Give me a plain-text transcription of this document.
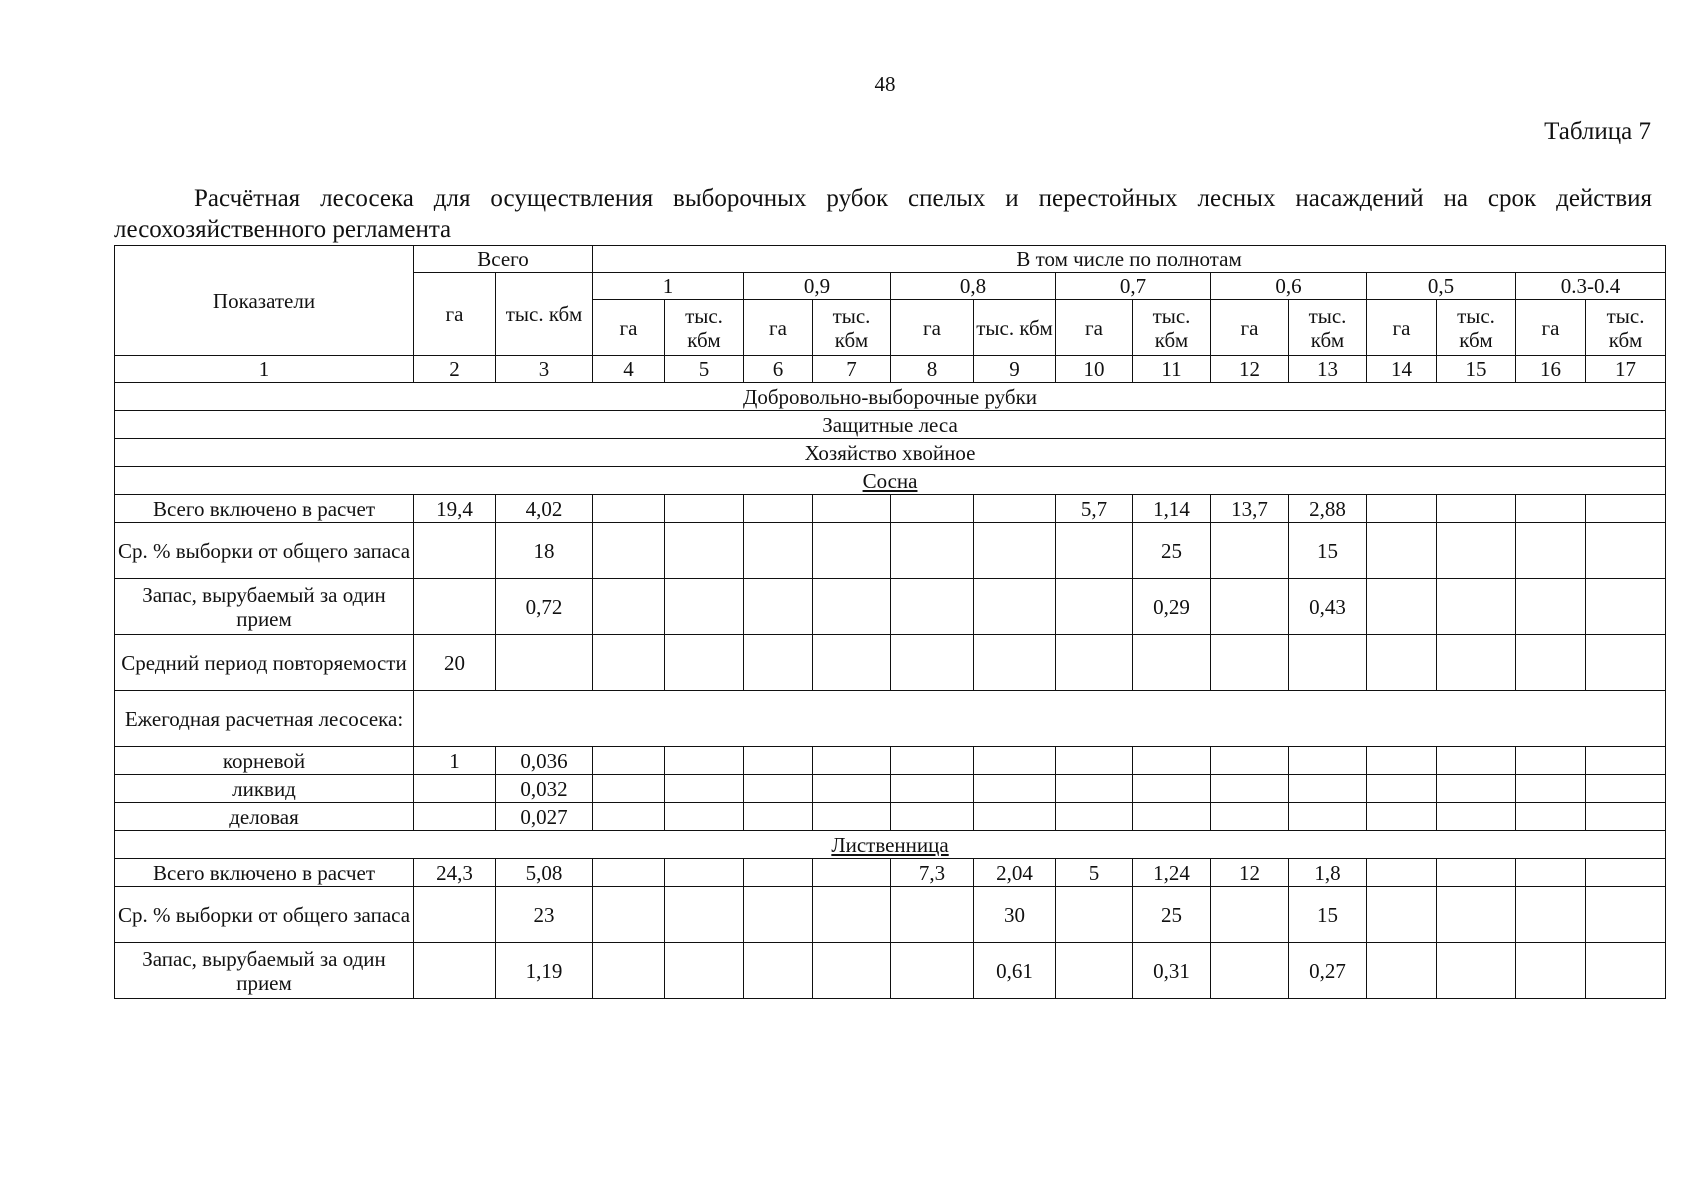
48
Таблица 7
Расчётная лесосека для осуществления выборочных рубок спелых и перестойных лесных насаждений на срок действия лесохозяйственного регламента
Показатели	Всего		В том числе по полнотам													
	га	тыс. кбм	1		0,9		0,8		0,7		0,6		0,5		0.3-0.4	
			га	тыс. кбм	га	тыс. кбм	га	тыс. кбм	га	тыс. кбм	га	тыс. кбм	га	тыс. кбм	га	тыс. кбм
1	2	3	4	5	6	7	8	9	10	11	12	13	14	15	16	17
Добровольно-выборочные рубки																
Защитные леса																
Хозяйство хвойное																
Сосна																
Всего включено в расчет	19,4	4,02							5,7	1,14	13,7	2,88				
Ср. % выборки от общего запаса		18								25		15				
Запас, вырубаемый за один прием		0,72								0,29		0,43				
Средний период повторяемости	20															
Ежегодная расчетная лесосека:																
корневой	1	0,036														
ликвид		0,032														
деловая		0,027														
Лиственница																
Всего включено в расчет	24,3	5,08					7,3	2,04	5	1,24	12	1,8				
Ср. % выборки от общего запаса		23						30		25		15				
Запас, вырубаемый за один прием		1,19						0,61		0,31		0,27				
